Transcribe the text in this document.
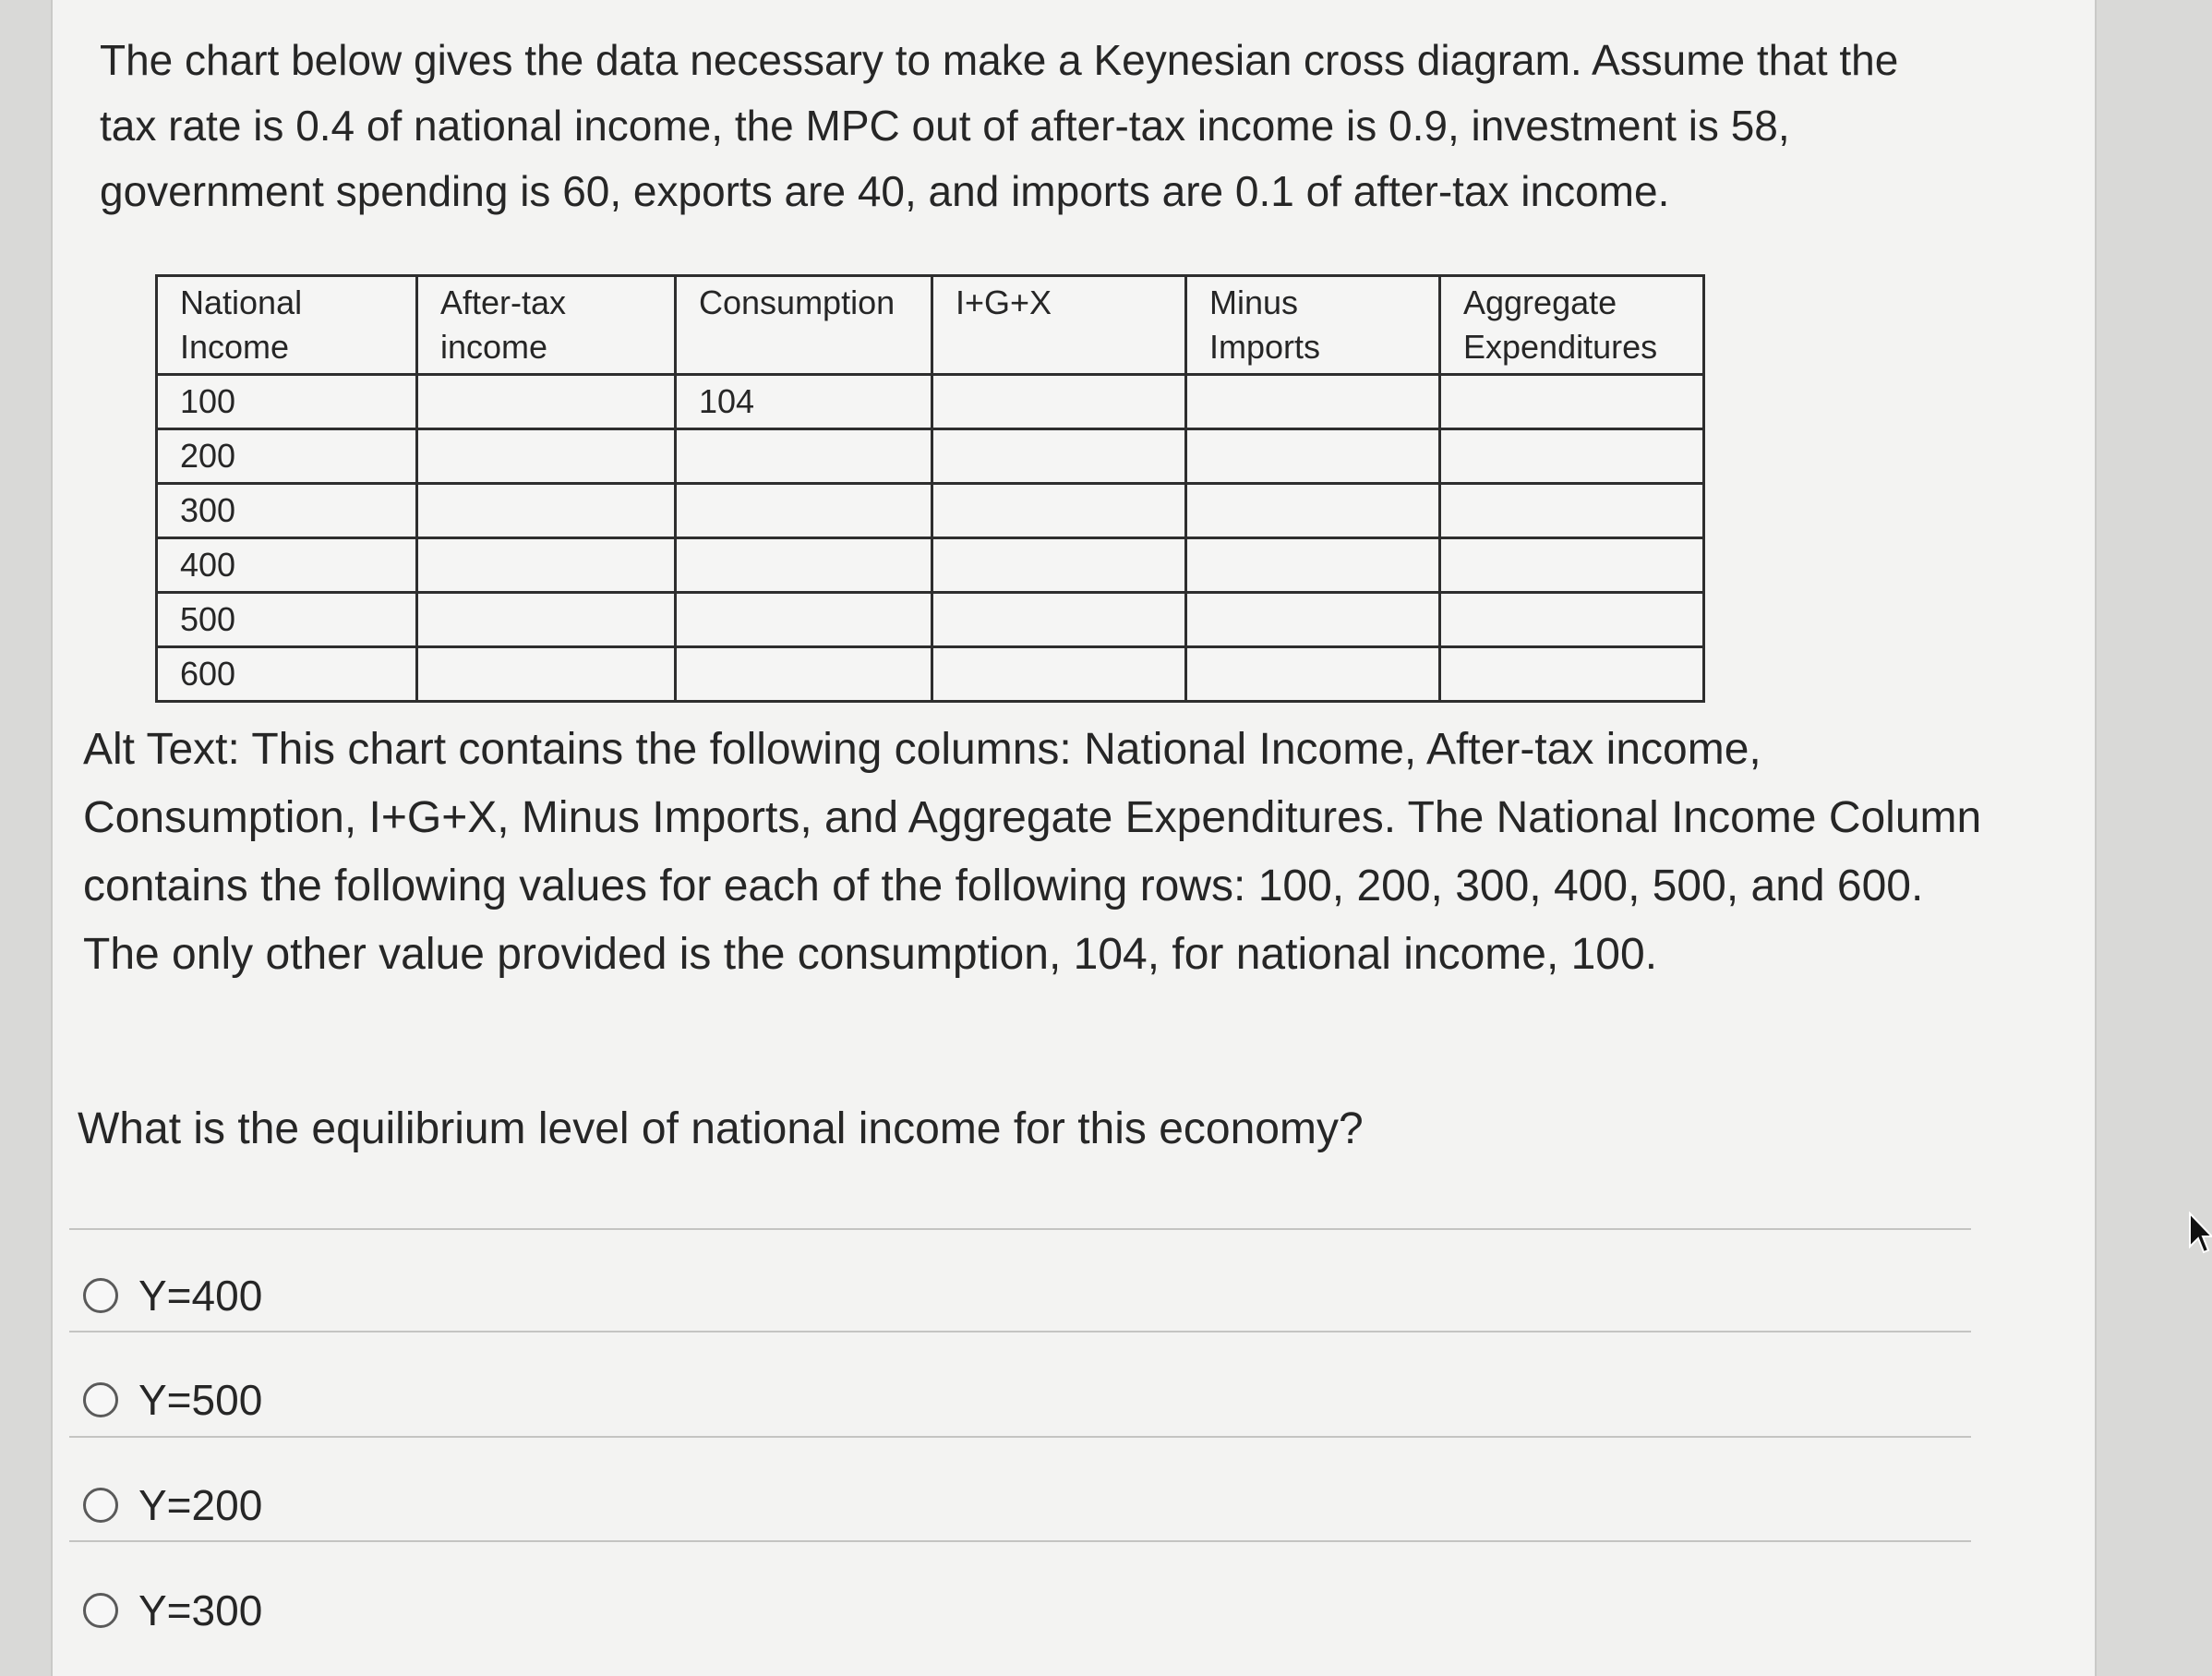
The chart below gives the data necessary to make a Keynesian cross diagram. Assume that the tax rate is 0.4 of national income, the MPC out of after-tax income is 0.9, investment is 58, government spending is 60, exports are 40, and imports are 0.1 of after-tax income.

National Income	After-tax income	Consumption	I+G+X	Minus Imports	Aggregate Expenditures
100		104			
200					
300					
400					
500					
600					

Alt Text: This chart contains the following columns: National Income, After-tax income, Consumption, I+G+X, Minus Imports, and Aggregate Expenditures. The National Income Column contains the following values for each of the following rows: 100, 200, 300, 400, 500, and 600. The only other value provided is the consumption, 104, for national income, 100.

What is the equilibrium level of national income for this economy?

Y=400
Y=500
Y=200
Y=300
